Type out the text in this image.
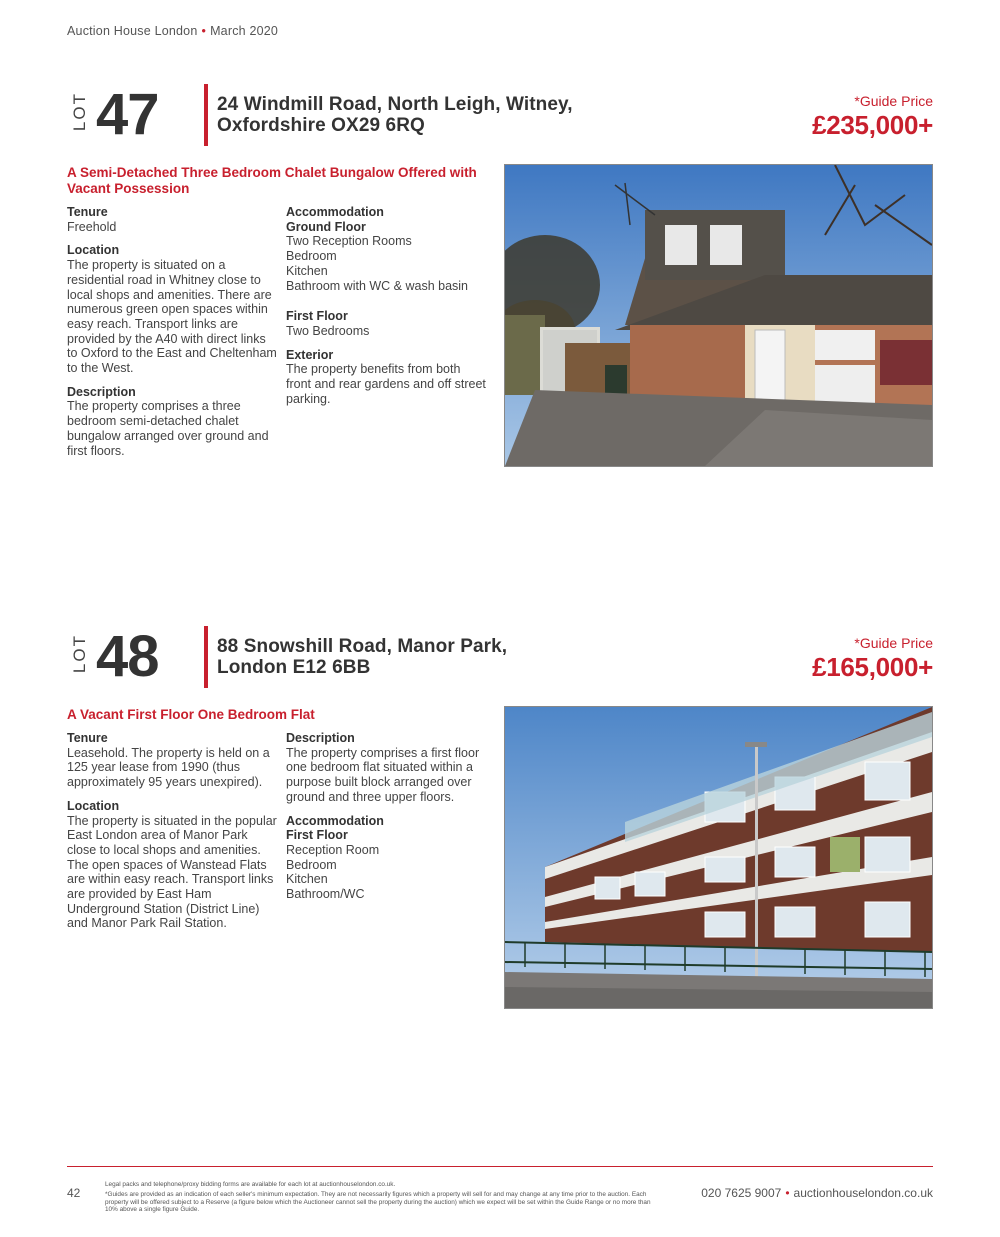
Auction House London • March 2020
LOT 47	24 Windmill Road, North Leigh, Witney,
Oxfordshire OX29 6RQ
*Guide Price
£235,000+
A Semi-Detached Three Bedroom Chalet Bungalow Offered with Vacant Possession
Tenure

Freehold

Location

The property is situated on a residential road in Whitney close to local shops and amenities. There are numerous green open spaces within easy reach. Transport links are provided by the A40 with direct links to Oxford to the East and Cheltenham to the West.

Description

The property comprises a three bedroom semi-detached chalet bungalow arranged over ground and first floors.

Accommodation
Ground Floor

Two Reception Rooms

Bedroom

Kitchen

Bathroom with WC & wash basin

First Floor

Two Bedrooms

Exterior

The property benefits from both front and rear gardens and off street parking.

LOT 48	88 Snowshill Road, Manor Park,
London E12 6BB
*Guide Price
£165,000+
A Vacant First Floor One Bedroom Flat
Tenure

Leasehold. The property is held on a 125 year lease from 1990 (thus approximately 95 years unexpired).

Location

The property is situated in the popular East London area of Manor Park close to local shops and amenities. The open spaces of Wanstead Flats are within easy reach. Transport links are provided by East Ham Underground Station (District Line) and Manor Park Rail Station.

Description

The property comprises a first floor one bedroom flat situated within a purpose built block arranged over ground and three upper floors.

Accommodation
First Floor

Reception Room

Bedroom

Kitchen

Bathroom/WC

42
Legal packs and telephone/proxy bidding forms are available for each lot at auctionhouselondon.co.uk.
*Guides are provided as an indication of each seller's minimum expectation. They are not necessarily figures which a property will sell for and may change at any time prior to the auction. Each property will be offered subject to a Reserve (a figure below which the Auctioneer cannot sell the property during the auction) which we expect will be set within the Guide Range or no more than 10% above a single figure Guide.
020 7625 9007 • auctionhouselondon.co.uk
